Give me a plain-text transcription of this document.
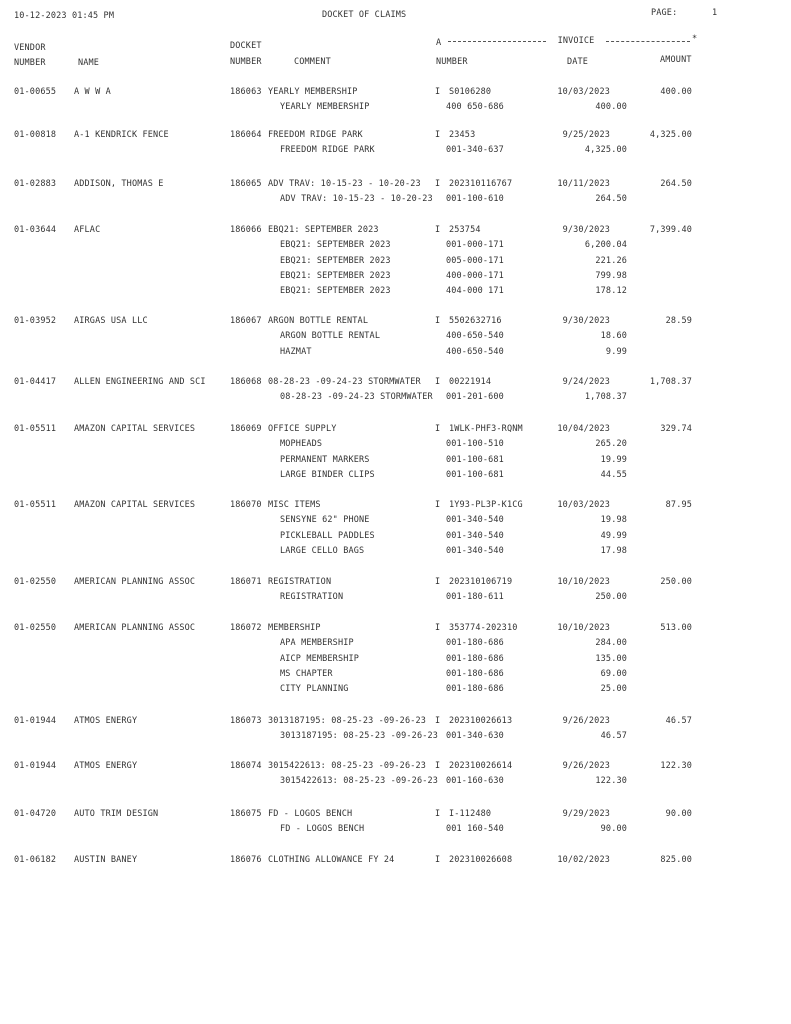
10-12-2023 01:45 PM	DOCKET OF CLAIMS	PAGE:	1
VENDOR
NUMBER	NAME
DOCKET
NUMBER	COMMENT
A	INVOICE	*
NUMBER	DATE	AMOUNT
01-00655 A W W A	186063 YEARLY MEMBERSHIP	I S0106280	10/03/2023	400.00
YEARLY MEMBERSHIP	400 650-686	400.00
01-00818 A-1 KENDRICK FENCE	186064 FREEDOM RIDGE PARK	I 23453	9/25/2023	4,325.00
FREEDOM RIDGE PARK	001-340-637	4,325.00
01-02883 ADDISON, THOMAS E	186065 ADV TRAV: 10-15-23 - 10-20-23 I 202310116767	10/11/2023	264.50
ADV TRAV: 10-15-23 - 10-20-23 001-100-610	264.50
01-03644 AFLAC	186066 EBQ21: SEPTEMBER 2023	I 253754	9/30/2023	7,399.40
EBQ21: SEPTEMBER 2023	001-000-171	6,200.04
EBQ21: SEPTEMBER 2023	005-000-171	221.26
EBQ21: SEPTEMBER 2023	400-000-171	799.98
EBQ21: SEPTEMBER 2023	404-000 171	178.12
01-03952 AIRGAS USA LLC	186067 ARGON BOTTLE RENTAL	I 5502632716	9/30/2023	28.59
ARGON BOTTLE RENTAL	400-650-540	18.60
HAZMAT	400-650-540	9.99
01-04417 ALLEN ENGINEERING AND SCI	186068 08-28-23 -09-24-23 STORMWATER I 00221914	9/24/2023	1,708.37
08-28-23 -09-24-23 STORMWATER 001-201-600	1,708.37
01-05511 AMAZON CAPITAL SERVICES	186069 OFFICE SUPPLY	I 1WLK-PHF3-RQNM	10/04/2023	329.74
MOPHEADS	001-100-510	265.20
PERMANENT MARKERS	001-100-681	19.99
LARGE BINDER CLIPS	001-100-681	44.55
01-05511 AMAZON CAPITAL SERVICES	186070 MISC ITEMS	I 1Y93-PL3P-K1CG	10/03/2023	87.95
SENSYNE 62" PHONE	001-340-540	19.98
PICKLEBALL PADDLES	001-340-540	49.99
LARGE CELLO BAGS	001-340-540	17.98
01-02550 AMERICAN PLANNING ASSOC	186071 REGISTRATION	I 202310106719	10/10/2023	250.00
REGISTRATION	001-180-611	250.00
01-02550 AMERICAN PLANNING ASSOC	186072 MEMBERSHIP	I 353774-202310	10/10/2023	513.00
APA MEMBERSHIP	001-180-686	284.00
AICP MEMBERSHIP	001-180-686	135.00
MS CHAPTER	001-180-686	69.00
CITY PLANNING	001-180-686	25.00
01-01944 ATMOS ENERGY	186073 3013187195: 08-25-23 -09-26-23 I 202310026613	9/26/2023	46.57
3013187195: 08-25-23 -09-26-23 001-340-630	46.57
01-01944 ATMOS ENERGY	186074 3015422613: 08-25-23 -09-26-23 I 202310026614	9/26/2023	122.30
3015422613: 08-25-23 -09-26-23 001-160-630	122.30
01-04720 AUTO TRIM DESIGN	186075 FD - LOGOS BENCH	I I-112480	9/29/2023	90.00
FD - LOGOS BENCH	001 160-540	90.00
01-06182 AUSTIN BANEY	186076 CLOTHING ALLOWANCE FY 24	I 202310026608	10/02/2023	825.00
